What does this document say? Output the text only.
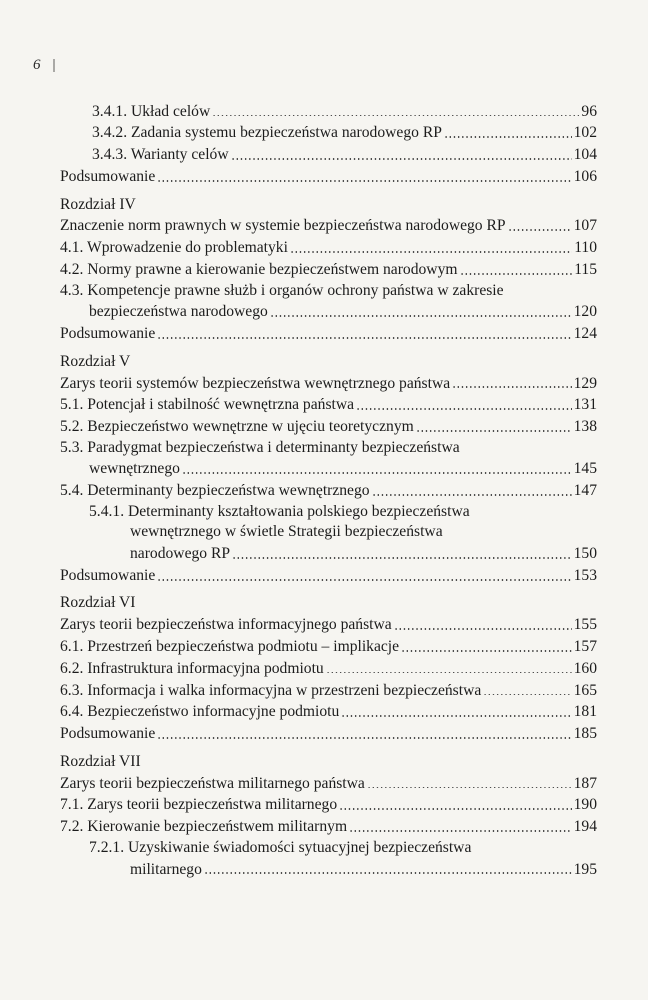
6 |
3.4.1. Układ celów	96
3.4.2. Zadania systemu bezpieczeństwa narodowego RP	102
3.4.3. Warianty celów	104
Podsumowanie	106
Rozdział IV
Znaczenie norm prawnych w systemie bezpieczeństwa narodowego RP	107
4.1. Wprowadzenie do problematyki	110
4.2. Normy prawne a kierowanie bezpieczeństwem narodowym	115
4.3. Kompetencje prawne służb i organów ochrony państwa w zakresie
bezpieczeństwa narodowego	120
Podsumowanie	124
Rozdział V
Zarys teorii systemów bezpieczeństwa wewnętrznego państwa	129
5.1. Potencjał i stabilność wewnętrzna państwa	131
5.2. Bezpieczeństwo wewnętrzne w ujęciu teoretycznym	138
5.3. Paradygmat bezpieczeństwa i determinanty bezpieczeństwa
wewnętrznego	145
5.4. Determinanty bezpieczeństwa wewnętrznego	147
5.4.1. Determinanty kształtowania polskiego bezpieczeństwa
wewnętrznego w świetle Strategii bezpieczeństwa
narodowego RP	150
Podsumowanie	153
Rozdział VI
Zarys teorii bezpieczeństwa informacyjnego państwa	155
6.1. Przestrzeń bezpieczeństwa podmiotu – implikacje	157
6.2. Infrastruktura informacyjna podmiotu	160
6.3. Informacja i walka informacyjna w przestrzeni bezpieczeństwa	165
6.4. Bezpieczeństwo informacyjne podmiotu	181
Podsumowanie	185
Rozdział VII
Zarys teorii bezpieczeństwa militarnego państwa	187
7.1. Zarys teorii bezpieczeństwa militarnego	190
7.2. Kierowanie bezpieczeństwem militarnym	194
7.2.1. Uzyskiwanie świadomości sytuacyjnej bezpieczeństwa
militarnego	195
